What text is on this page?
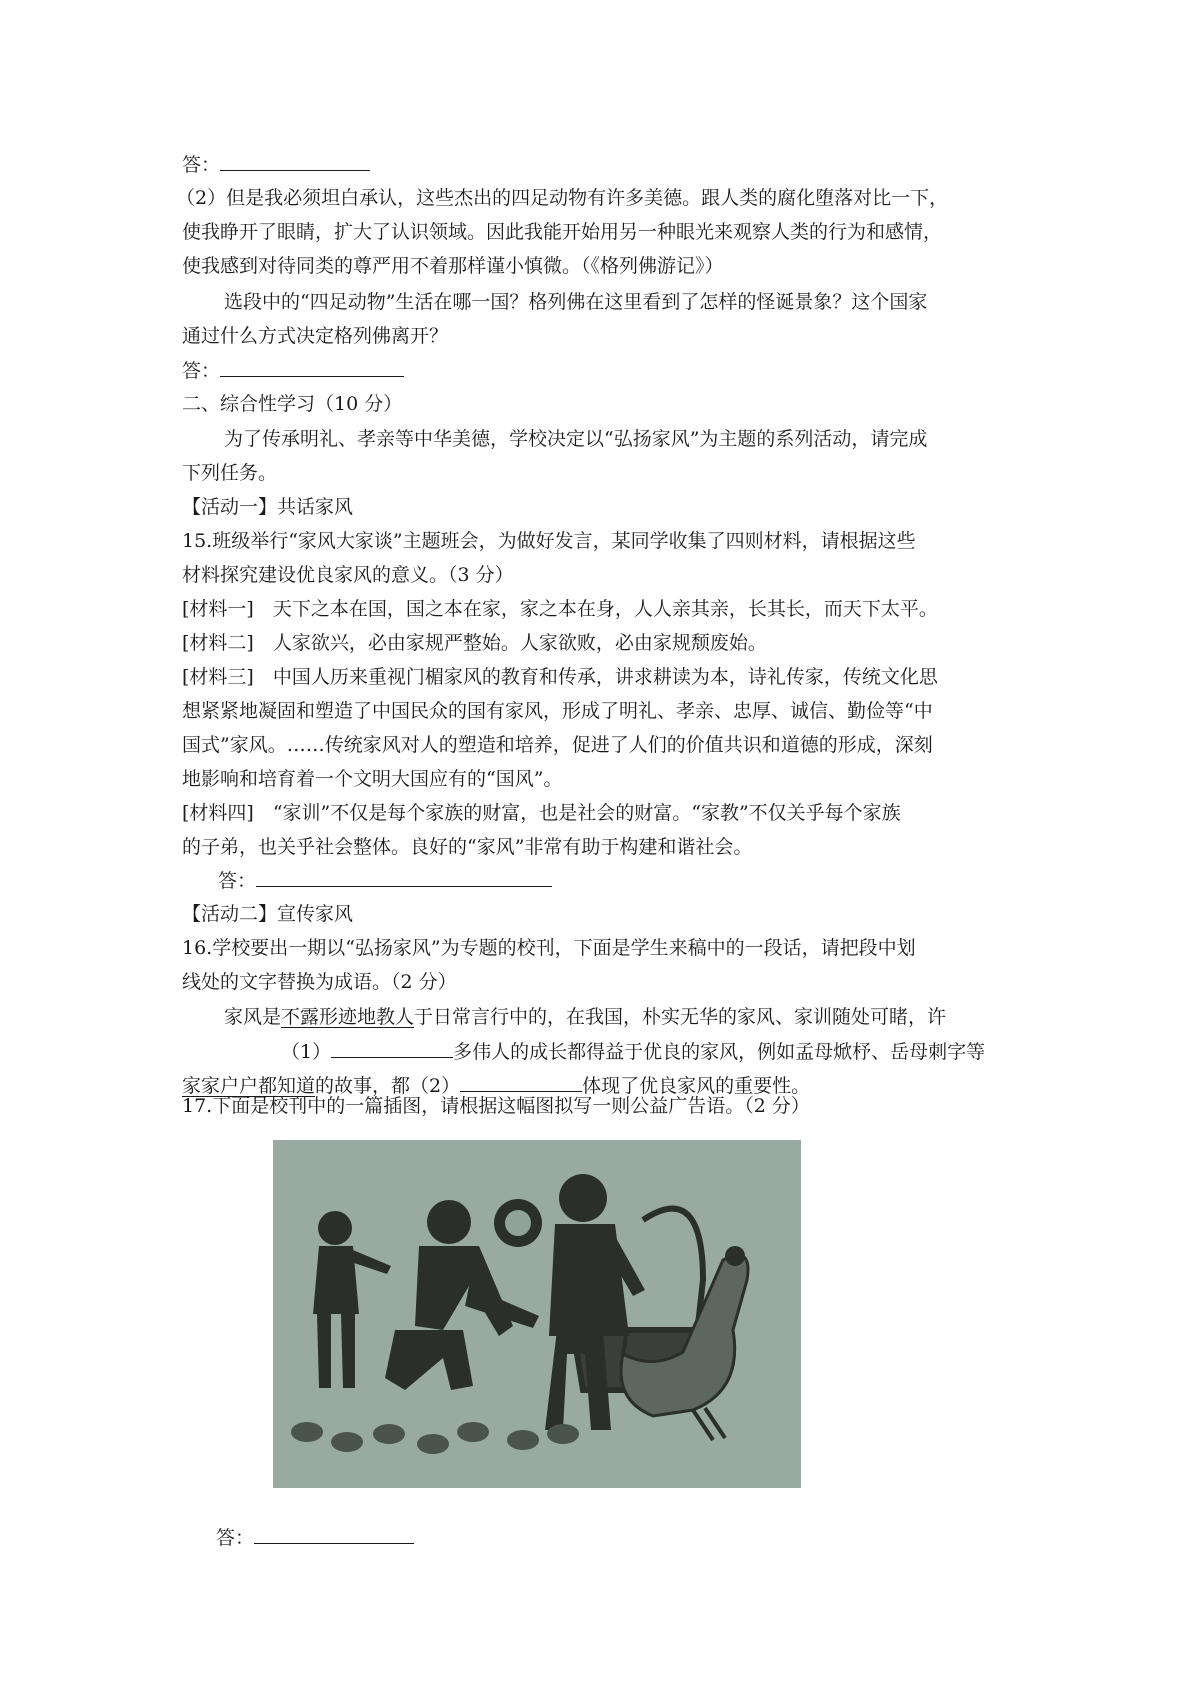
答：
（2）但是我必须坦白承认，这些杰出的四足动物有许多美德。跟人类的腐化堕落对比一下，
使我睁开了眼睛，扩大了认识领域。因此我能开始用另一种眼光来观察人类的行为和感情，
使我感到对待同类的尊严用不着那样谨小慎微。（《格列佛游记》）
选段中的“四足动物”生活在哪一国？格列佛在这里看到了怎样的怪诞景象？这个国家
通过什么方式决定格列佛离开？
答：
二、综合性学习（10 分）
为了传承明礼、孝亲等中华美德，学校决定以“弘扬家风”为主题的系列活动，请完成
下列任务。
【活动一】共话家风
15.班级举行“家风大家谈”主题班会，为做好发言，某同学收集了四则材料，请根据这些
材料探究建设优良家风的意义。（3 分）
[材料一]　天下之本在国，国之本在家，家之本在身，人人亲其亲，长其长，而天下太平。
[材料二]　人家欲兴，必由家规严整始。人家欲败，必由家规颓废始。
[材料三]　中国人历来重视门楣家风的教育和传承，讲求耕读为本，诗礼传家，传统文化思
想紧紧地凝固和塑造了中国民众的国有家风，形成了明礼、孝亲、忠厚、诚信、勤俭等“中
国式”家风。……传统家风对人的塑造和培养，促进了人们的价值共识和道德的形成，深刻
地影响和培育着一个文明大国应有的“国风”。
[材料四]　“家训”不仅是每个家族的财富，也是社会的财富。“家教”不仅关乎每个家族
的子弟，也关乎社会整体。良好的“家风”非常有助于构建和谐社会。
答：
【活动二】宣传家风
16.学校要出一期以“弘扬家风”为专题的校刊，下面是学生来稿中的一段话，请把段中划
线处的文字替换为成语。（2 分）
家风是不露形迹地教人于日常言行中的，在我国，朴实无华的家风、家训随处可睹，许
（1）	多伟人的成长都得益于优良的家风，例如孟母焮杼、岳母刺字等
家家户户都知道的故事，都（2）	体现了优良家风的重要性。
17.下面是校刊中的一篇插图，请根据这幅图拟写一则公益广告语。（2 分）
答：
